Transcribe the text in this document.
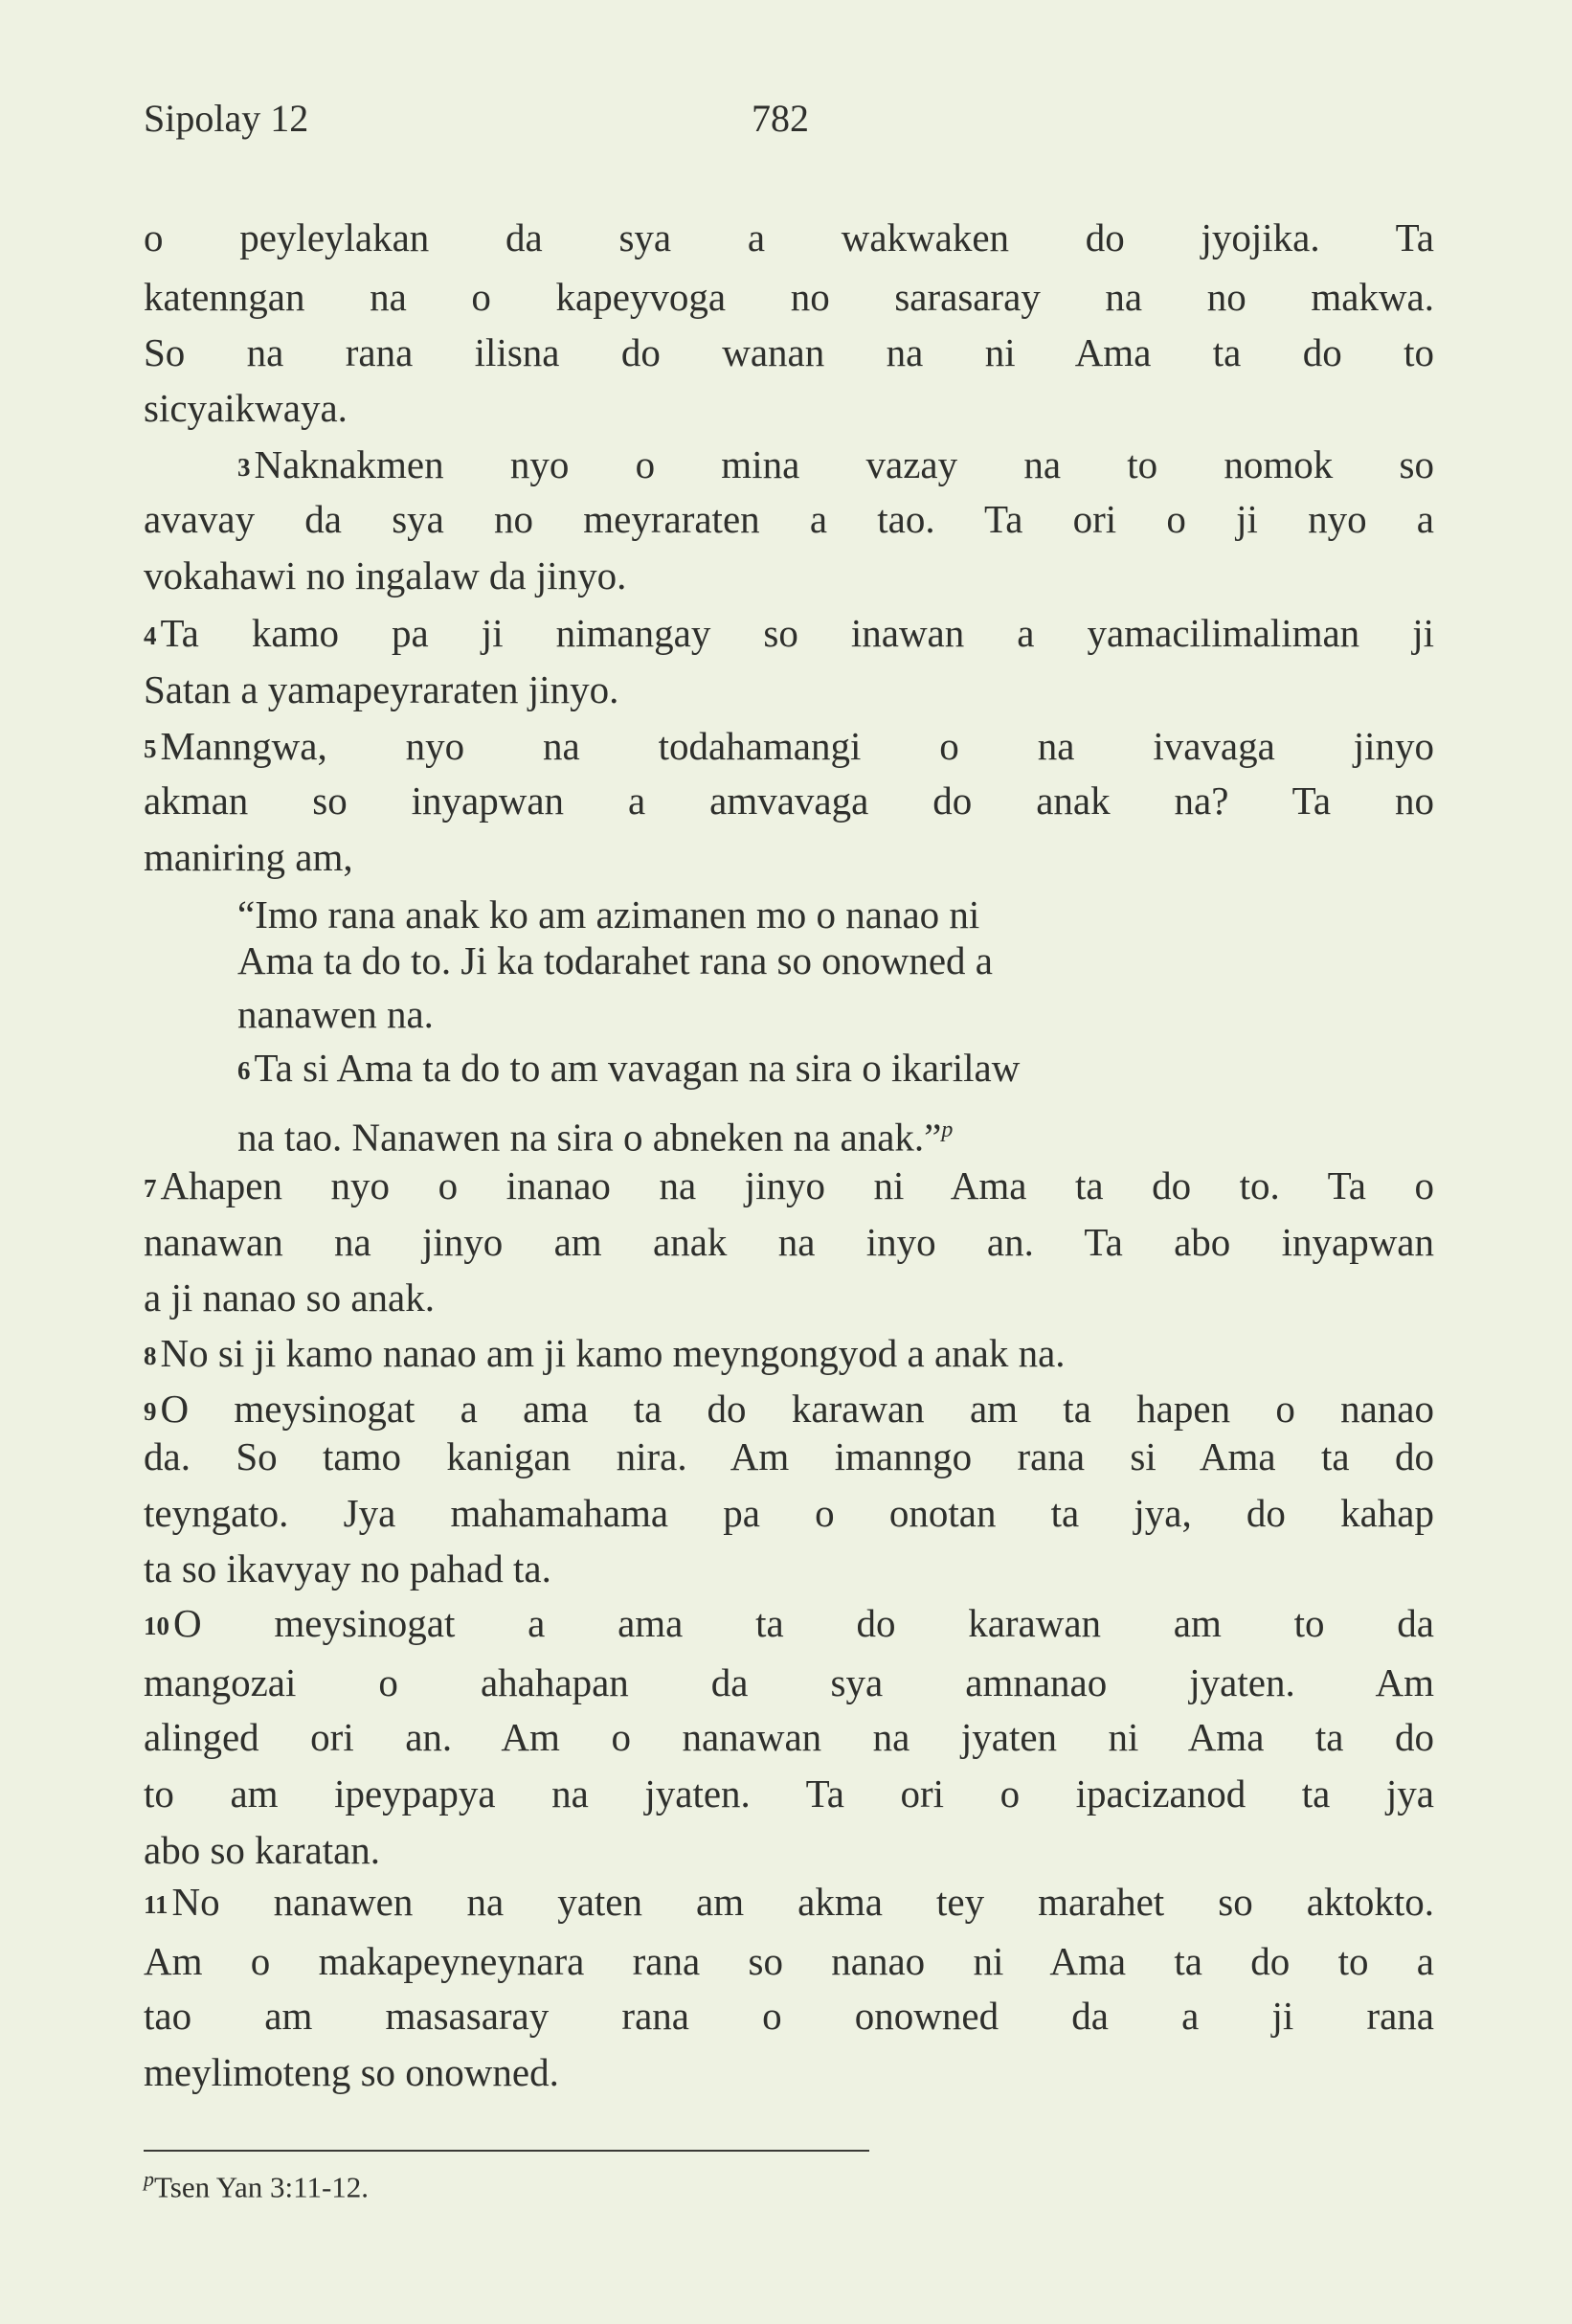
Sipolay 12	782
o peyleylakan da sya a wakwaken do jyojika. Ta
katenngan na o kapeyvoga no sarasaray na no makwa.
So na rana ilisna do wanan na ni Ama ta do to
sicyaikwaya.
3Naknakmen nyo o mina vazay na to nomok so
avavay da sya no meyraraten a tao. Ta ori o ji nyo a
vokahawi no ingalaw da jinyo.
4Ta kamo pa ji nimangay so inawan a yamacilimaliman ji
Satan a yamapeyraraten jinyo.
5Manngwa, nyo na todahamangi o na ivavaga jinyo
akman so inyapwan a amvavaga do anak na? Ta no
maniring am,
“Imo rana anak ko am azimanen mo o nanao ni
Ama ta do to. Ji ka todarahet rana so onowned a
nanawen na.
6Ta si Ama ta do to am vavagan na sira o ikarilaw
na tao. Nanawen na sira o abneken na anak.”$^p$
7Ahapen nyo o inanao na jinyo ni Ama ta do to. Ta o
nanawan na jinyo am anak na inyo an. Ta abo inyapwan
a ji nanao so anak.
8No si ji kamo nanao am ji kamo meyngongyod a anak na.
9O meysinogat a ama ta do karawan am ta hapen o nanao
da. So tamo kanigan nira. Am imanngo rana si Ama ta do
teyngato. Jya mahamahama pa o onotan ta jya, do kahap
ta so ikavyay no pahad ta.
10O meysinogat a ama ta do karawan am to da
mangozai o ahahapan da sya amnanao jyaten. Am
alinged ori an. Am o nanawan na jyaten ni Ama ta do
to am ipeypapya na jyaten. Ta ori o ipacizanod ta jya
abo so karatan.
11No nanawen na yaten am akma tey marahet so aktokto.
Am o makapeyneynara rana so nanao ni Ama ta do to a
tao am masasaray rana o onowned da a ji rana
meylimoteng so onowned.
$^p$Tsen Yan 3:11-12.
